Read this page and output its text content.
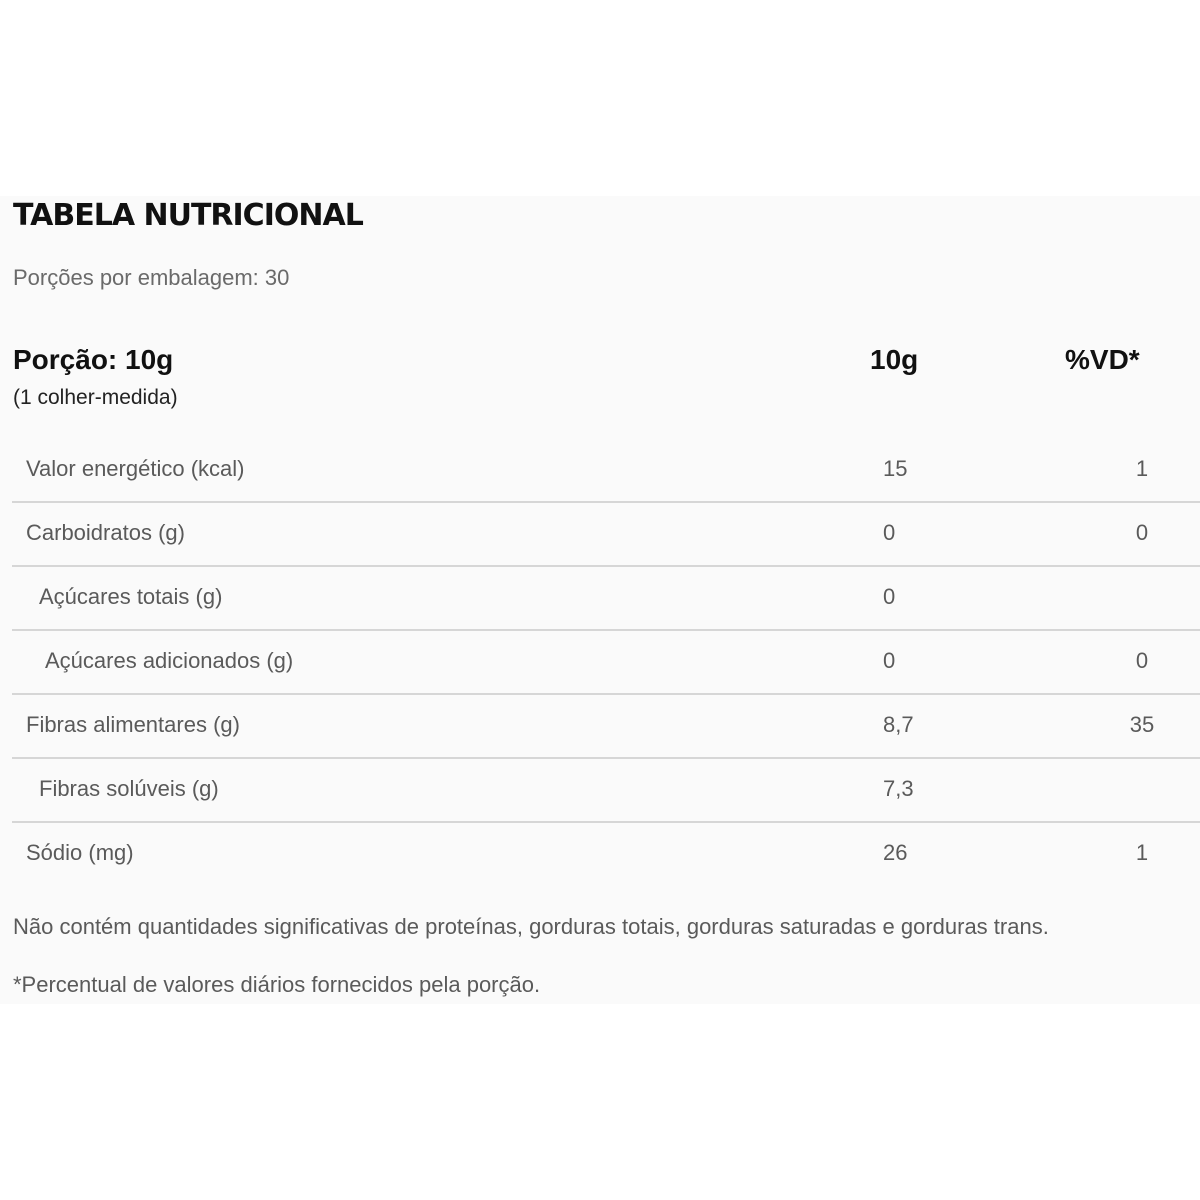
TABELA NUTRICIONAL
Porções por embalagem: 30
Porção: 10g
(1 colher-medida)
10g	%VD*
Valor energético (kcal)	15	1
Carboidratos (g)	0	0
Açúcares totais (g)	0
Açúcares adicionados (g)	0	0
Fibras alimentares (g)	8,7	35
Fibras solúveis (g)	7,3
Sódio (mg)	26	1
Não contém quantidades significativas de proteínas, gorduras totais, gorduras saturadas e gorduras trans.
*Percentual de valores diários fornecidos pela porção.
